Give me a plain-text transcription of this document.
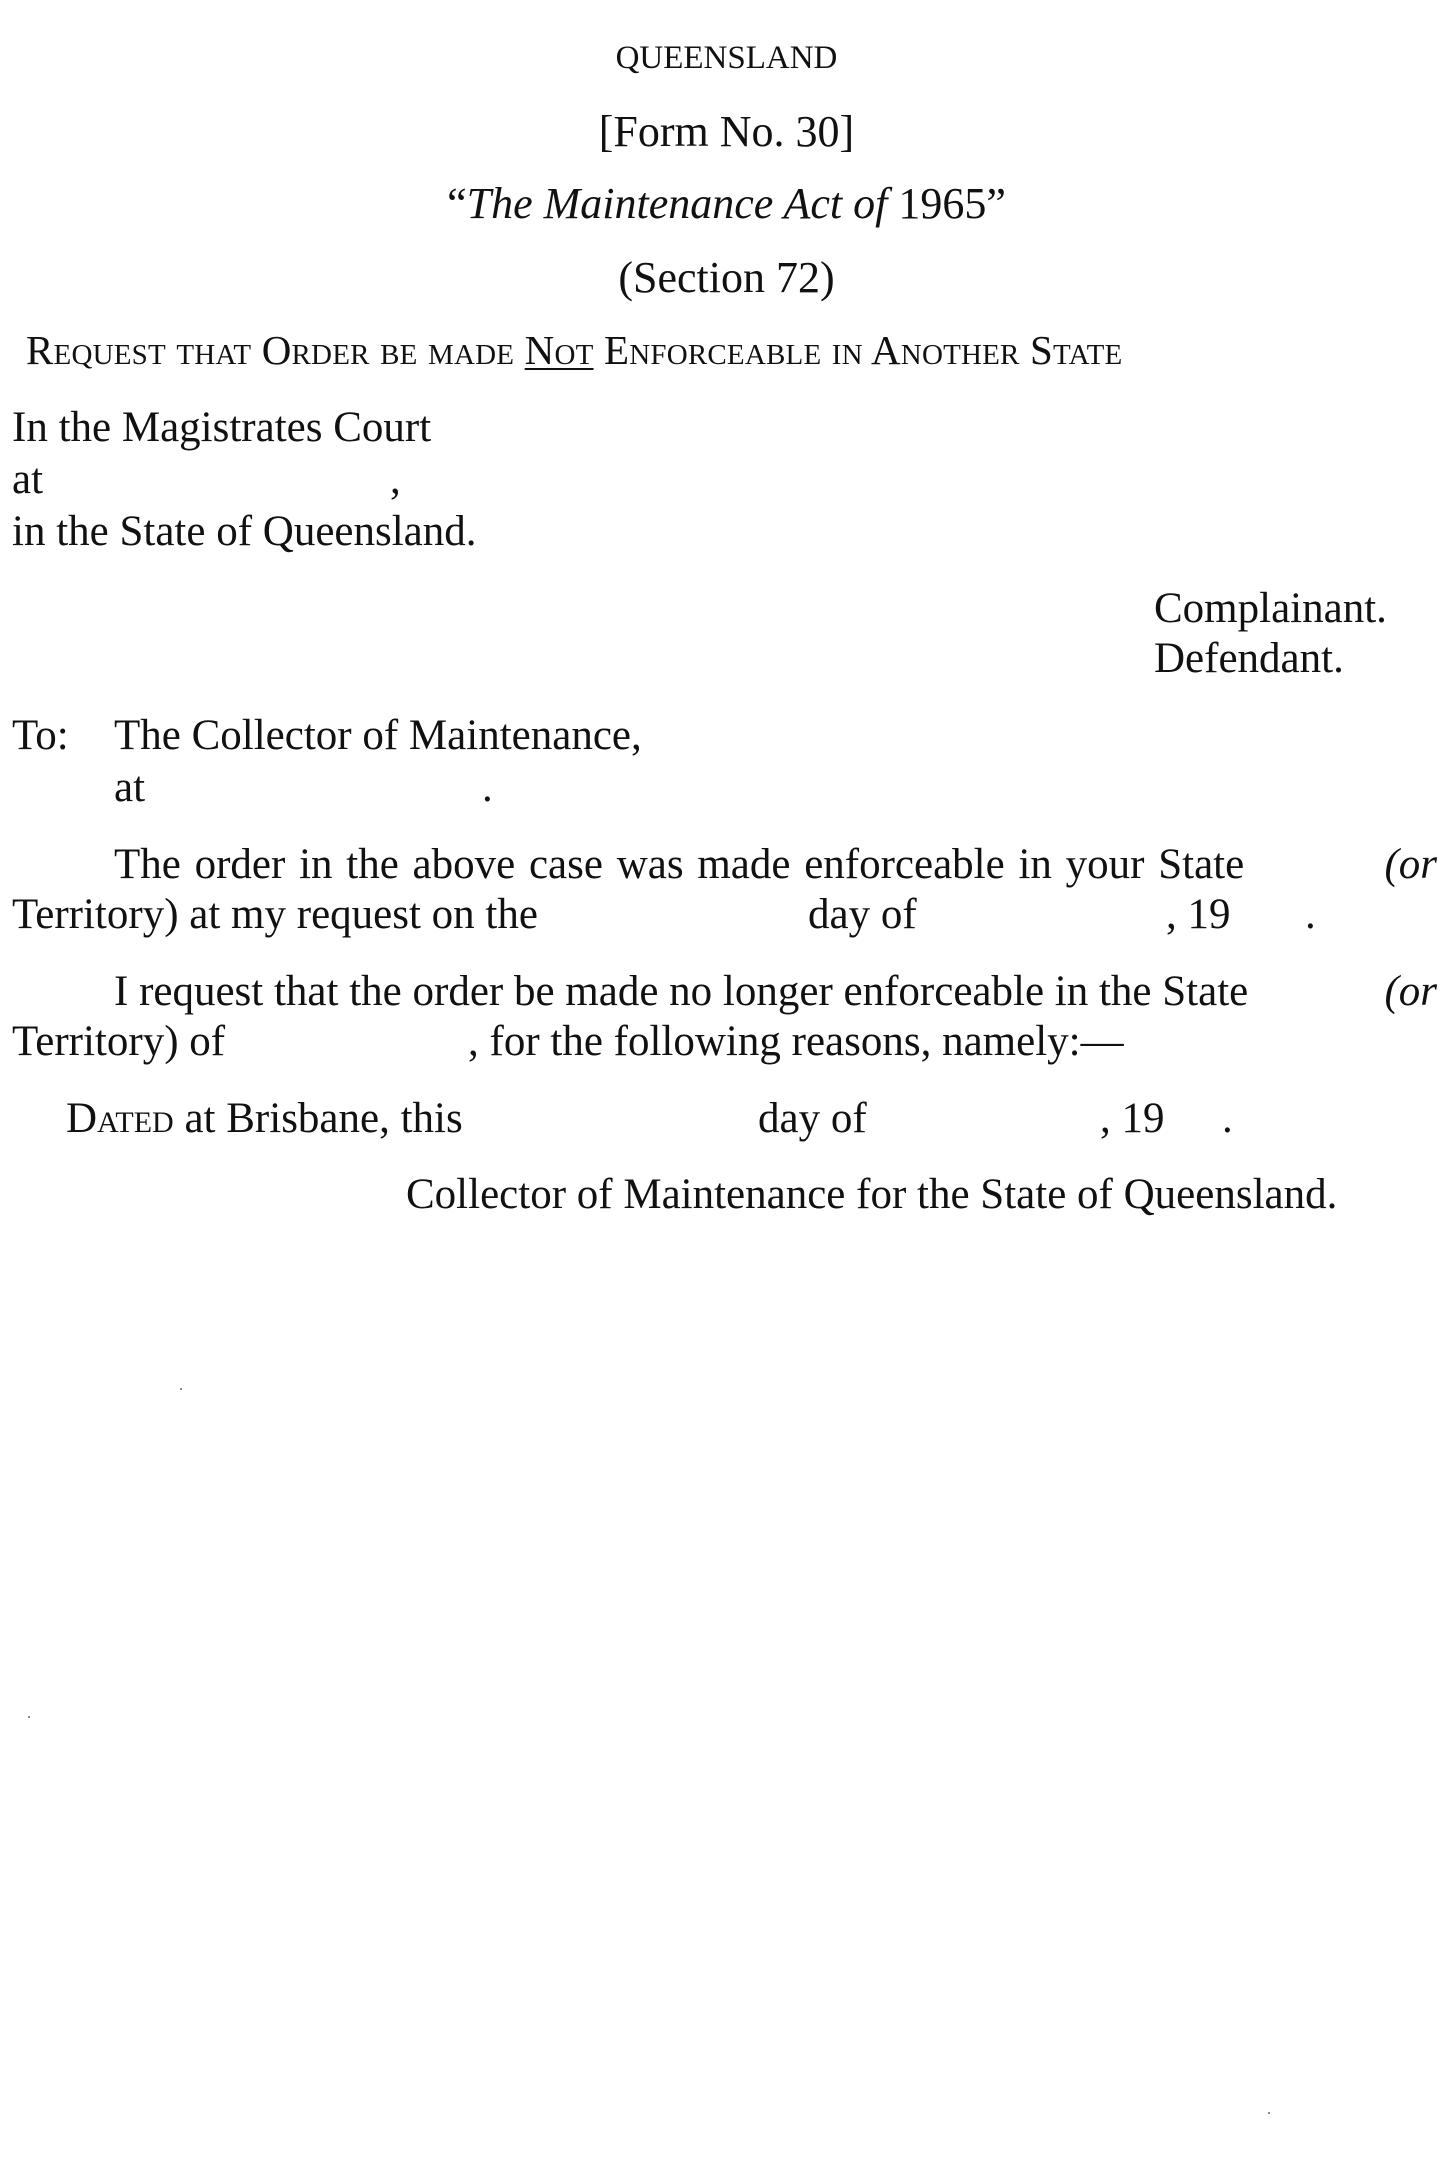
QUEENSLAND
[Form No. 30]
“The Maintenance Act of 1965”
(Section 72)
Request that Order be made Not Enforceable in Another State
In the Magistrates Court
at	,
in the State of Queensland.
Complainant.
Defendant.
To: The Collector of Maintenance,
at	.
The order in the above case was made enforceable in your State	(or
Territory) at my request on the	day of	, 19 .
I request that the order be made no longer enforceable in the State	(or
Territory) of	, for the following reasons, namely:—
Dated at Brisbane, this	day of	, 19 .
Collector of Maintenance for the State of Queensland.
